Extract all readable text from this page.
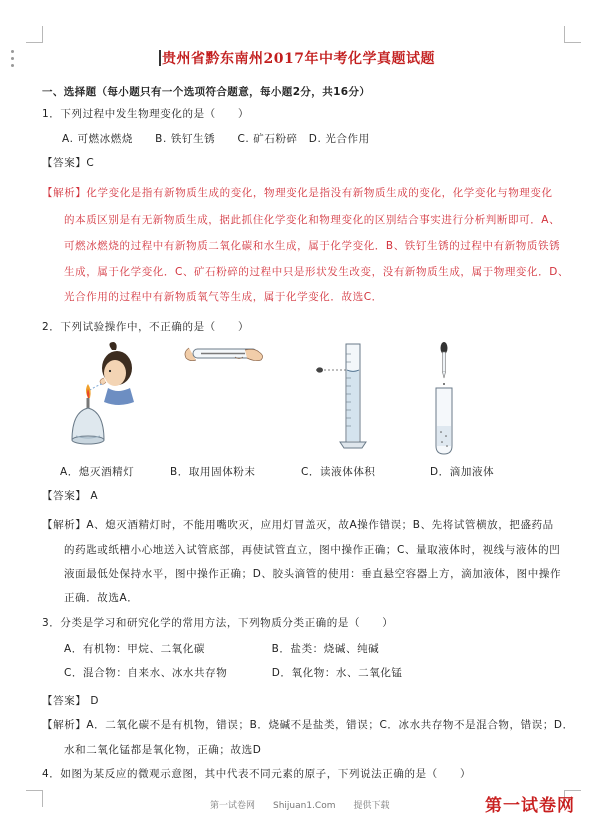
贵州省黔东南州2017年中考化学真题试题
一、选择题（每小题只有一个选项符合题意，每小题2分，共16分）
1．下列过程中发生物理变化的是（　　）
A. 可燃冰燃烧　　B. 铁钉生锈　　C. 矿石粉碎　D. 光合作用
【答案】C
【解析】化学变化是指有新物质生成的变化，物理变化是指没有新物质生成的变化，化学变化与物理变化
的本质区别是有无新物质生成，据此抓住化学变化和物理变化的区别结合事实进行分析判断即可．A、
可燃冰燃烧的过程中有新物质二氧化碳和水生成，属于化学变化．B、铁钉生锈的过程中有新物质铁锈
生成，属于化学变化．C、矿石粉碎的过程中只是形状发生改变，没有新物质生成，属于物理变化．D、
光合作用的过程中有新物质氧气等生成，属于化学变化．故选C．
2．下列试验操作中，不正确的是（　　）
A．熄灭酒精灯	B．取用固体粉末	C．读液体体积	D．滴加液体
【答案】 A
【解析】A、熄灭酒精灯时，不能用嘴吹灭，应用灯冒盖灭，故A操作错误；B、先将试管横放，把盛药品
的药匙或纸槽小心地送入试管底部，再使试管直立，图中操作正确；C、量取液体时，视线与液体的凹
液面最低处保持水平，图中操作正确；D、胶头滴管的使用：垂直悬空容器上方，滴加液体，图中操作
正确．故选A．
3．分类是学习和研究化学的常用方法，下列物质分类正确的是（　　）
A．有机物：甲烷、二氧化碳　　　　　　B．盐类：烧碱、纯碱
C．混合物：自来水、冰水共存物　　　　D．氧化物：水、二氧化锰
【答案】 D
【解析】A．二氧化碳不是有机物，错误；B．烧碱不是盐类，错误；C．冰水共存物不是混合物，错误；D．
水和二氧化锰都是氧化物，正确；故选D
4．如图为某反应的微观示意图，其中代表不同元素的原子，下列说法正确的是（　　）
第一试卷网　　Shijuan1.Com　　提供下载	第一试卷网
